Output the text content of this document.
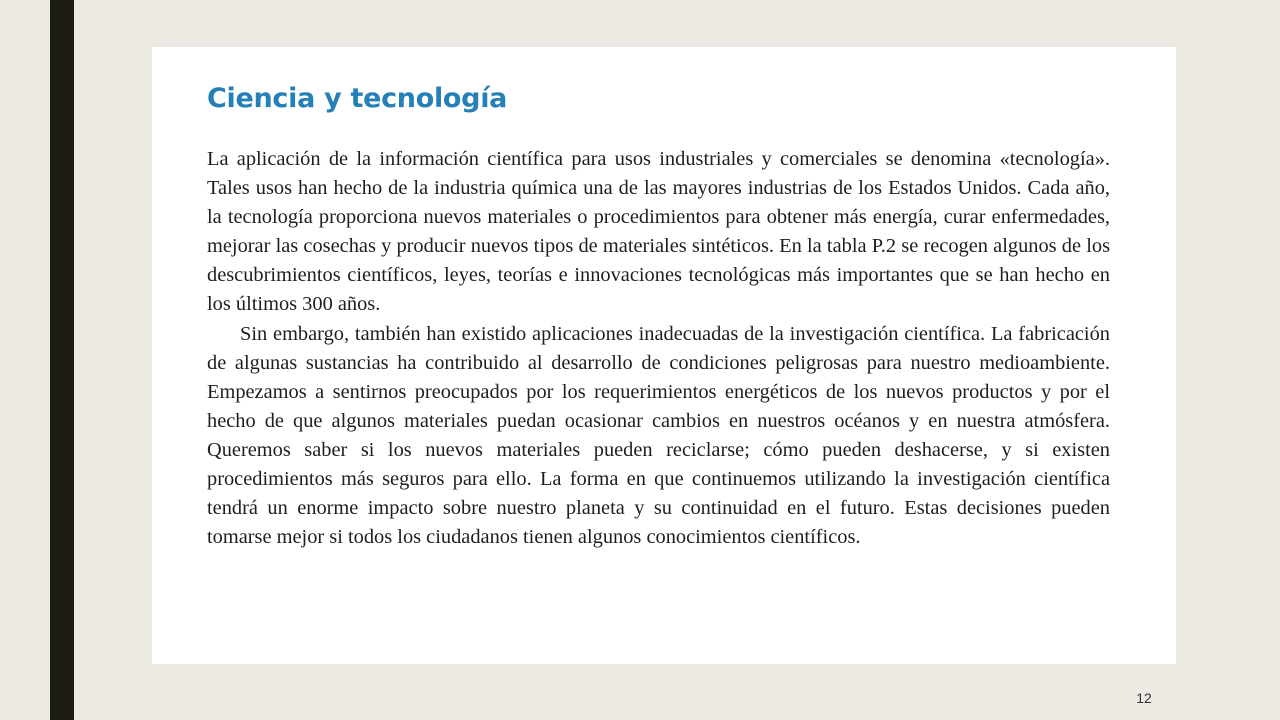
Ciencia y tecnología

La aplicación de la información científica para usos industriales y comerciales se denomina «tecnología». Tales usos han hecho de la industria química una de las mayores industrias de los Estados Unidos. Cada año, la tecnología proporciona nuevos materiales o procedimientos para obtener más energía, curar enfermedades, mejorar las cosechas y producir nuevos tipos de materiales sintéticos. En la tabla P.2 se recogen algunos de los descubrimientos científicos, leyes, teorías e innovaciones tecnológicas más importantes que se han hecho en los últimos 300 años.

Sin embargo, también han existido aplicaciones inadecuadas de la investigación científica. La fabricación de algunas sustancias ha contribuido al desarrollo de condiciones peligrosas para nuestro medioambiente. Empezamos a sentirnos preocupados por los requerimientos energéticos de los nuevos productos y por el hecho de que algunos materiales puedan ocasionar cambios en nuestros océanos y en nuestra atmósfera. Queremos saber si los nuevos materiales pueden reciclarse; cómo pueden deshacerse, y si existen procedimientos más seguros para ello. La forma en que continuemos utilizando la investigación científica tendrá un enorme impacto sobre nuestro planeta y su continuidad en el futuro. Estas decisiones pueden tomarse mejor si todos los ciudadanos tienen algunos conocimientos científicos.

12
